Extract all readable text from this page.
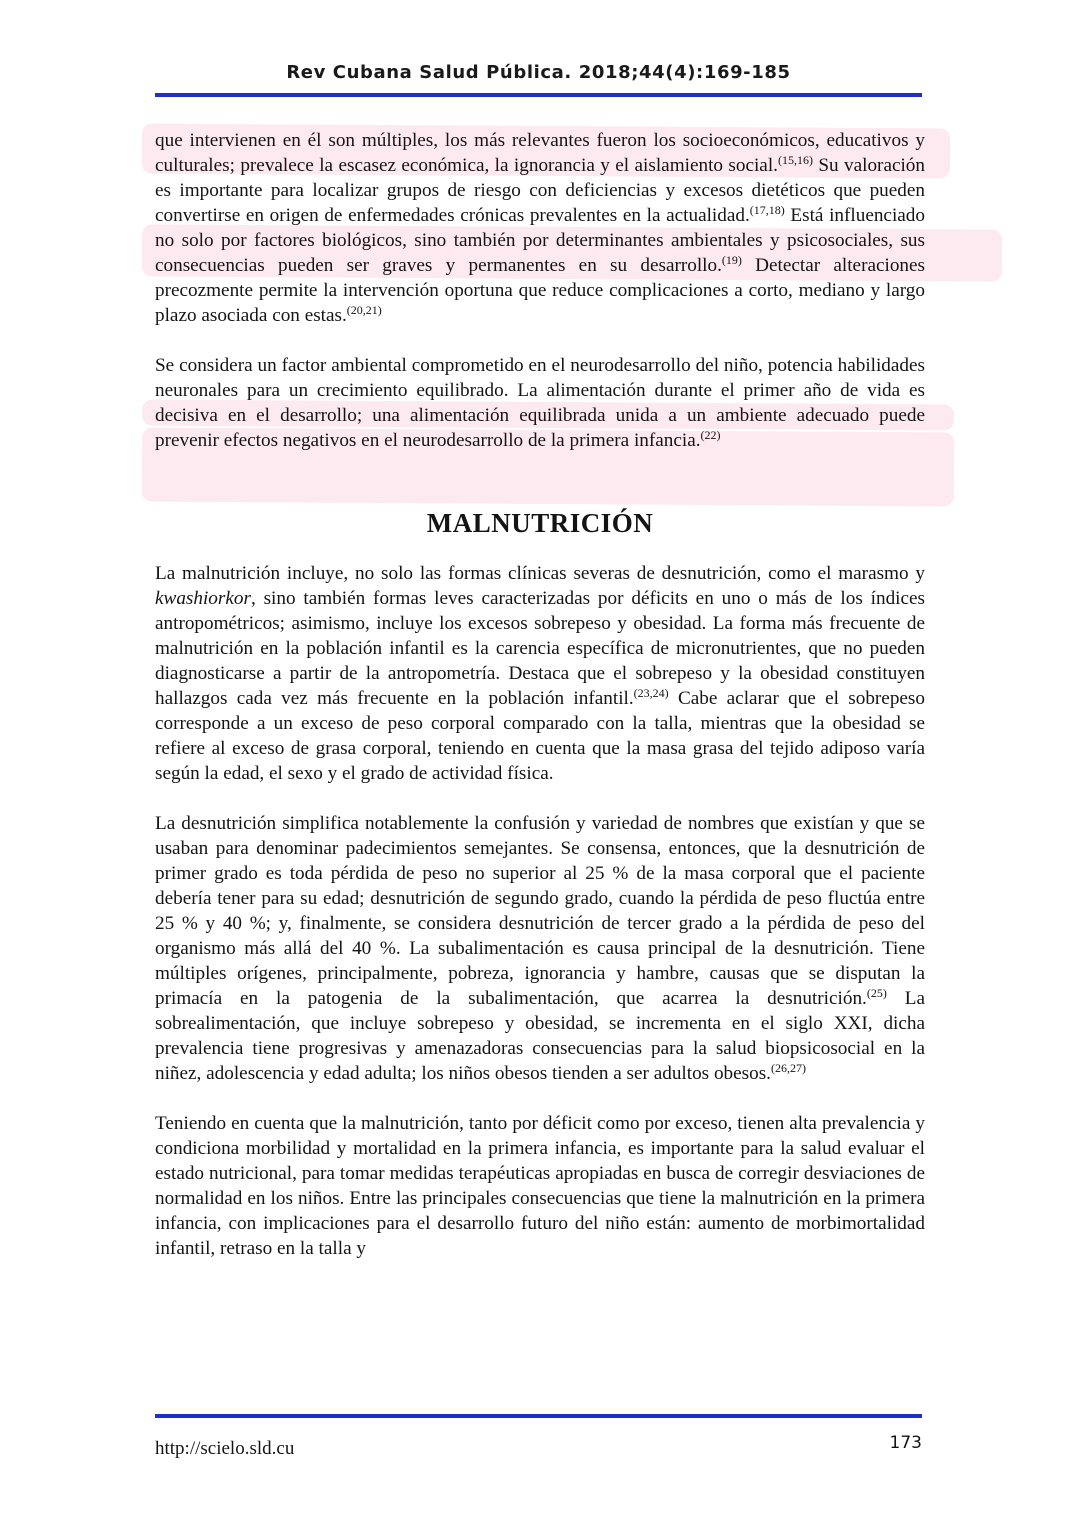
Rev Cubana Salud Pública. 2018;44(4):169-185

que intervienen en él son múltiples, los más relevantes fueron los socioeconómicos, educativos y culturales; prevalece la escasez económica, la ignorancia y el aislamiento social.$^{(15,16)}$ Su valoración es importante para localizar grupos de riesgo con deficiencias y excesos dietéticos que pueden convertirse en origen de enfermedades crónicas prevalentes en la actualidad.$^{(17,18)}$ Está influenciado no solo por factores biológicos, sino también por determinantes ambientales y psicosociales, sus consecuencias pueden ser graves y permanentes en su desarrollo.$^{(19)}$ Detectar alteraciones precozmente permite la intervención oportuna que reduce complicaciones a corto, mediano y largo plazo asociada con estas.$^{(20,21)}$

Se considera un factor ambiental comprometido en el neurodesarrollo del niño, potencia habilidades neuronales para un crecimiento equilibrado. La alimentación durante el primer año de vida es decisiva en el desarrollo; una alimentación equilibrada unida a un ambiente adecuado puede prevenir efectos negativos en el neurodesarrollo de la primera infancia.$^{(22)}$

MALNUTRICIÓN

La malnutrición incluye, no solo las formas clínicas severas de desnutrición, como el marasmo y kwashiorkor, sino también formas leves caracterizadas por déficits en uno o más de los índices antropométricos; asimismo, incluye los excesos sobrepeso y obesidad. La forma más frecuente de malnutrición en la población infantil es la carencia específica de micronutrientes, que no pueden diagnosticarse a partir de la antropometría. Destaca que el sobrepeso y la obesidad constituyen hallazgos cada vez más frecuente en la población infantil.$^{(23,24)}$ Cabe aclarar que el sobrepeso corresponde a un exceso de peso corporal comparado con la talla, mientras que la obesidad se refiere al exceso de grasa corporal, teniendo en cuenta que la masa grasa del tejido adiposo varía según la edad, el sexo y el grado de actividad física.

La desnutrición simplifica notablemente la confusión y variedad de nombres que existían y que se usaban para denominar padecimientos semejantes. Se consensa, entonces, que la desnutrición de primer grado es toda pérdida de peso no superior al 25 % de la masa corporal que el paciente debería tener para su edad; desnutrición de segundo grado, cuando la pérdida de peso fluctúa entre 25 % y 40 %; y, finalmente, se considera desnutrición de tercer grado a la pérdida de peso del organismo más allá del 40 %. La subalimentación es causa principal de la desnutrición. Tiene múltiples orígenes, principalmente, pobreza, ignorancia y hambre, causas que se disputan la primacía en la patogenia de la subalimentación, que acarrea la desnutrición.$^{(25)}$ La sobrealimentación, que incluye sobrepeso y obesidad, se incrementa en el siglo XXI, dicha prevalencia tiene progresivas y amenazadoras consecuencias para la salud biopsicosocial en la niñez, adolescencia y edad adulta; los niños obesos tienden a ser adultos obesos.$^{(26,27)}$

Teniendo en cuenta que la malnutrición, tanto por déficit como por exceso, tienen alta prevalencia y condiciona morbilidad y mortalidad en la primera infancia, es importante para la salud evaluar el estado nutricional, para tomar medidas terapéuticas apropiadas en busca de corregir desviaciones de normalidad en los niños. Entre las principales consecuencias que tiene la malnutrición en la primera infancia, con implicaciones para el desarrollo futuro del niño están: aumento de morbimortalidad infantil, retraso en la talla y

http://scielo.sld.cu	173
